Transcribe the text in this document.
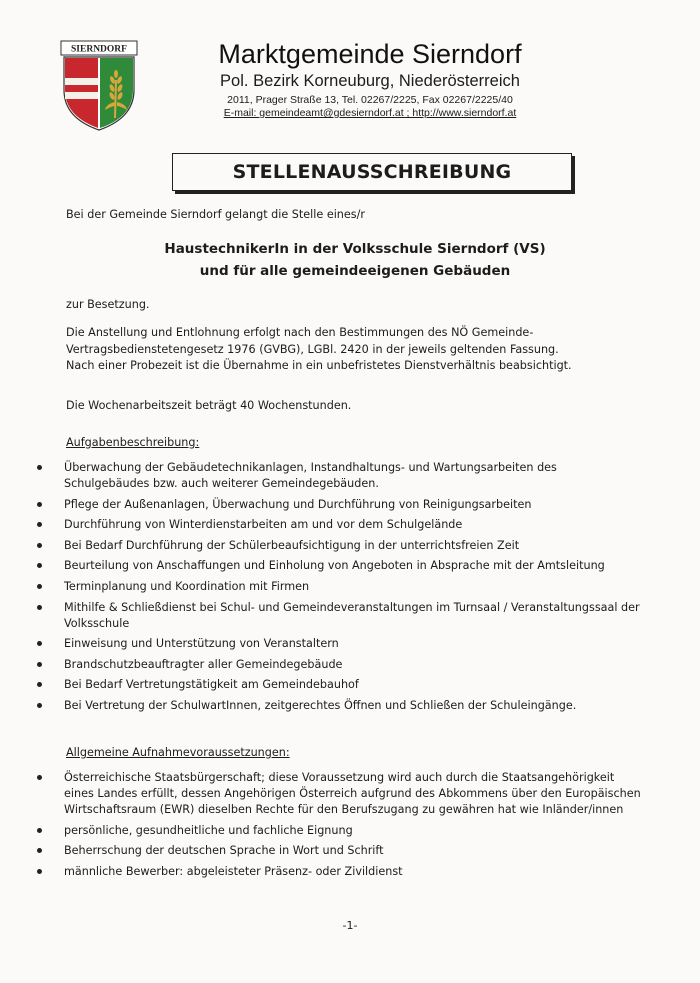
SIERNDORF	Marktgemeinde Sierndorf
Pol. Bezirk Korneuburg, Niederösterreich
2011, Prager Straße 13, Tel. 02267/2225, Fax 02267/2225/40
E-mail: gemeindeamt@gdesierndorf.at ; http://www.sierndorf.at
STELLENAUSSCHREIBUNG
Bei der Gemeinde Sierndorf gelangt die Stelle eines/r
HaustechnikerIn in der Volksschule Sierndorf (VS)
und für alle gemeindeeigenen Gebäuden
zur Besetzung.
Die Anstellung und Entlohnung erfolgt nach den Bestimmungen des NÖ Gemeinde-
Vertragsbedienstetengesetz 1976 (GVBG), LGBl. 2420 in der jeweils geltenden Fassung.
Nach einer Probezeit ist die Übernahme in ein unbefristetes Dienstverhältnis beabsichtigt.
Die Wochenarbeitszeit beträgt 40 Wochenstunden.
Aufgabenbeschreibung:
Überwachung der Gebäudetechnikanlagen, Instandhaltungs- und Wartungsarbeiten des Schulgebäudes bzw. auch weiterer Gemeindegebäuden.
Pflege der Außenanlagen, Überwachung und Durchführung von Reinigungsarbeiten
Durchführung von Winterdienstarbeiten am und vor dem Schulgelände
Bei Bedarf Durchführung der Schülerbeaufsichtigung in der unterrichtsfreien Zeit
Beurteilung von Anschaffungen und Einholung von Angeboten in Absprache mit der Amtsleitung
Terminplanung und Koordination mit Firmen
Mithilfe & Schließdienst bei Schul- und Gemeindeveranstaltungen im Turnsaal / Veranstaltungssaal der Volksschule
Einweisung und Unterstützung von Veranstaltern
Brandschutzbeauftragter aller Gemeindegebäude
Bei Bedarf Vertretungstätigkeit am Gemeindebauhof
Bei Vertretung der SchulwartInnen, zeitgerechtes Öffnen und Schließen der Schuleingänge.
Allgemeine Aufnahmevoraussetzungen:
Österreichische Staatsbürgerschaft; diese Voraussetzung wird auch durch die Staatsangehörigkeit eines Landes erfüllt, dessen Angehörigen Österreich aufgrund des Abkommens über den Europäischen Wirtschaftsraum (EWR) dieselben Rechte für den Berufszugang zu gewähren hat wie Inländer/innen
persönliche, gesundheitliche und fachliche Eignung
Beherrschung der deutschen Sprache in Wort und Schrift
männliche Bewerber: abgeleisteter Präsenz- oder Zivildienst
-1-
